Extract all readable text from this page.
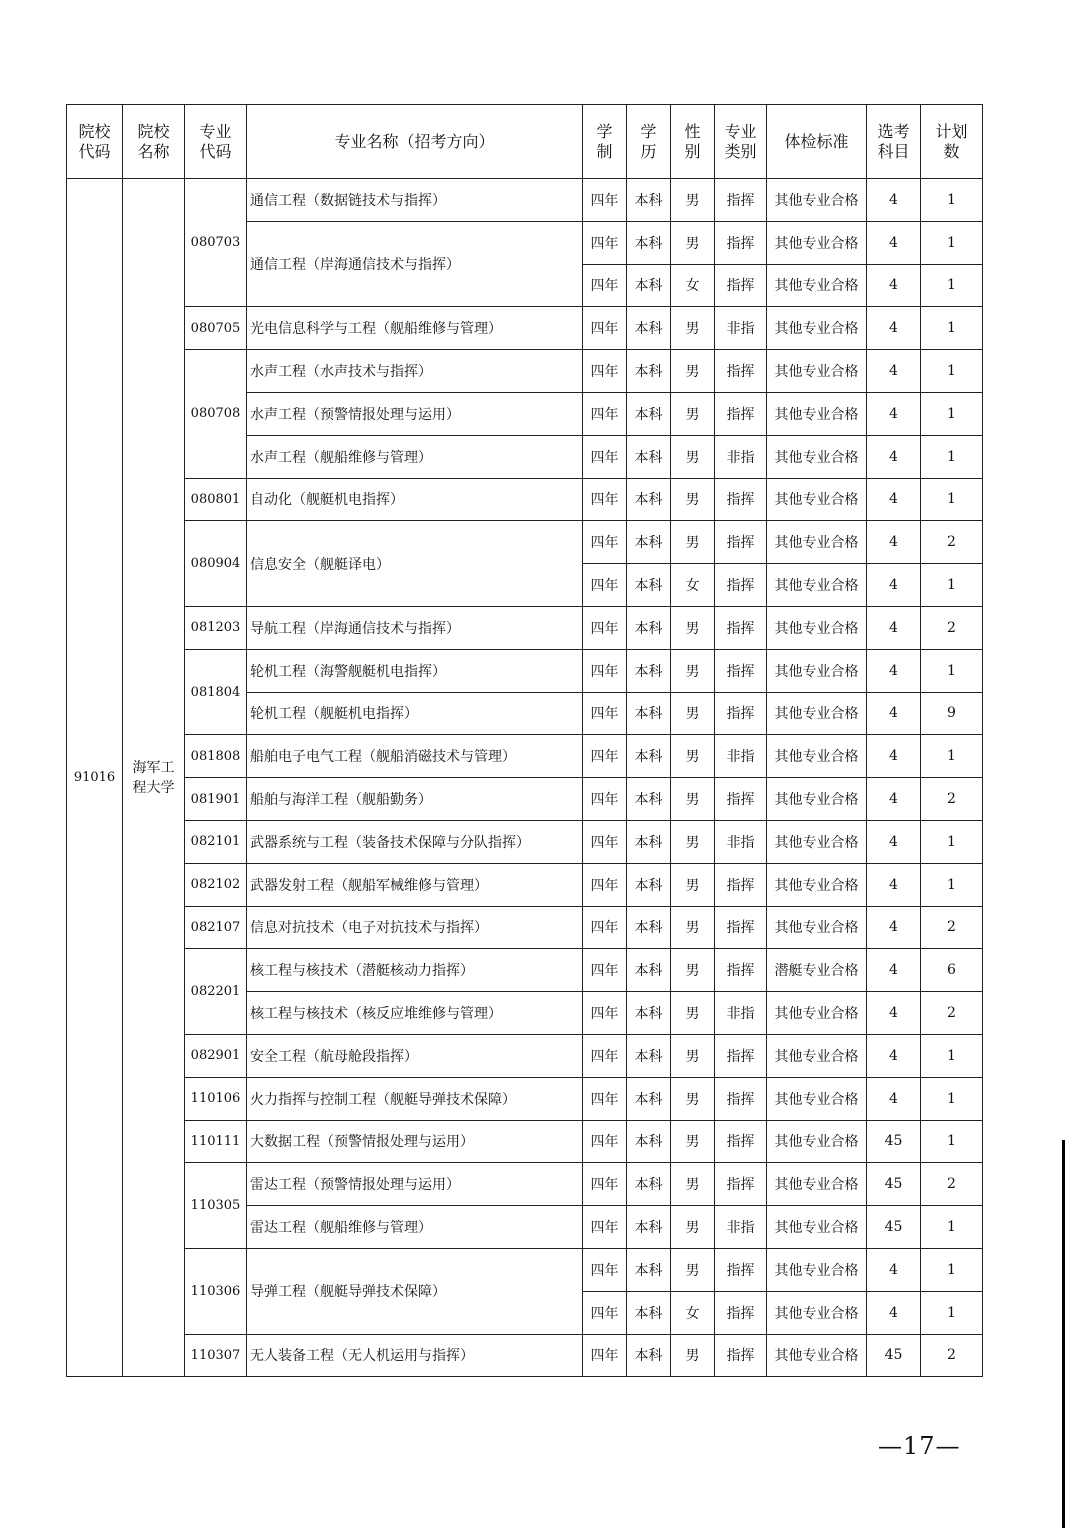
院校代码	院校名称	专业代码	专业名称（招考方向）	学制	学历	性别	专业类别	体检标准	选考科目	计划数
91016	海军工程大学	080703	通信工程（数据链技术与指挥）	四年	本科	男	指挥	其他专业合格	4	1
			通信工程（岸海通信技术与指挥）	四年	本科	男	指挥	其他专业合格	4	1
				四年	本科	女	指挥	其他专业合格	4	1
		080705	光电信息科学与工程（舰船维修与管理）	四年	本科	男	非指	其他专业合格	4	1
		080708	水声工程（水声技术与指挥）	四年	本科	男	指挥	其他专业合格	4	1
			水声工程（预警情报处理与运用）	四年	本科	男	指挥	其他专业合格	4	1
			水声工程（舰船维修与管理）	四年	本科	男	非指	其他专业合格	4	1
		080801	自动化（舰艇机电指挥）	四年	本科	男	指挥	其他专业合格	4	1
		080904	信息安全（舰艇译电）	四年	本科	男	指挥	其他专业合格	4	2
				四年	本科	女	指挥	其他专业合格	4	1
		081203	导航工程（岸海通信技术与指挥）	四年	本科	男	指挥	其他专业合格	4	2
		081804	轮机工程（海警舰艇机电指挥）	四年	本科	男	指挥	其他专业合格	4	1
			轮机工程（舰艇机电指挥）	四年	本科	男	指挥	其他专业合格	4	9
		081808	船舶电子电气工程（舰船消磁技术与管理）	四年	本科	男	非指	其他专业合格	4	1
		081901	船舶与海洋工程（舰船勤务）	四年	本科	男	指挥	其他专业合格	4	2
		082101	武器系统与工程（装备技术保障与分队指挥）	四年	本科	男	非指	其他专业合格	4	1
		082102	武器发射工程（舰船军械维修与管理）	四年	本科	男	指挥	其他专业合格	4	1
		082107	信息对抗技术（电子对抗技术与指挥）	四年	本科	男	指挥	其他专业合格	4	2
		082201	核工程与核技术（潜艇核动力指挥）	四年	本科	男	指挥	潜艇专业合格	4	6
			核工程与核技术（核反应堆维修与管理）	四年	本科	男	非指	其他专业合格	4	2
		082901	安全工程（航母舱段指挥）	四年	本科	男	指挥	其他专业合格	4	1
		110106	火力指挥与控制工程（舰艇导弹技术保障）	四年	本科	男	指挥	其他专业合格	4	1
		110111	大数据工程（预警情报处理与运用）	四年	本科	男	指挥	其他专业合格	45	1
		110305	雷达工程（预警情报处理与运用）	四年	本科	男	指挥	其他专业合格	45	2
			雷达工程（舰船维修与管理）	四年	本科	男	非指	其他专业合格	45	1
		110306	导弹工程（舰艇导弹技术保障）	四年	本科	男	指挥	其他专业合格	4	1
				四年	本科	女	指挥	其他专业合格	4	1
		110307	无人装备工程（无人机运用与指挥）	四年	本科	男	指挥	其他专业合格	45	2
—17—
